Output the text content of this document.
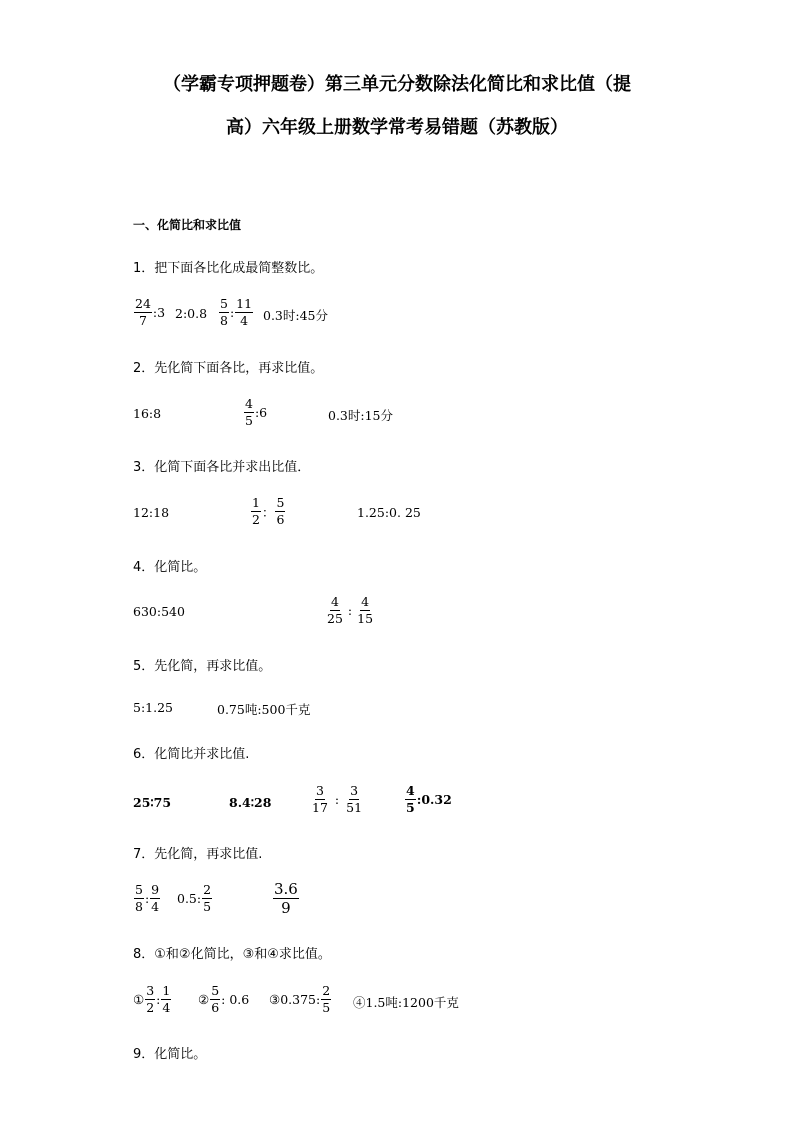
（学霸专项押题卷）第三单元分数除法化简比和求比值（提
高）六年级上册数学常考易错题（苏教版）
一、化简比和求比值
1．把下面各比化成最简整数比。
$\frac{24}{7}$ :3 2:0.8 $\frac{5}{8}$ : $\frac{11}{4} 0.3$时:45分
2．先化简下面各比，再求比值。
16:8	$\frac{4}{5}$ :6	0.3时:15分
3．化简下面各比并求出比值．
12:18	$\frac{1}{2}$ ： $\frac{5}{6}$	1.25:0. 25
4．化简比。
630:540	$\frac{4}{25}$ : $\frac{4}{15}$
5．先化简，再求比值。
5:1.25	0.75吨:500千克
6．化简比并求比值.
25∶75	8.4∶28	$\frac{3}{17}$ : $\frac{3}{51}$	$\frac{4}{5}$ :0.32
7．先化简，再求比值.
$\frac{5}{8}$ : $\frac{9}{4} 0.5$: $\frac{2}{5}$	$\frac{3.6}{9}$
8．①和②化简比，③和④求比值。
① $\frac{3}{2}$ : $\frac{1}{4}$ ② $\frac{5}{6}$ : 0.6 ③0.375: $\frac{2}{5}$ ④1.5吨:1200千克
9．化简比。
